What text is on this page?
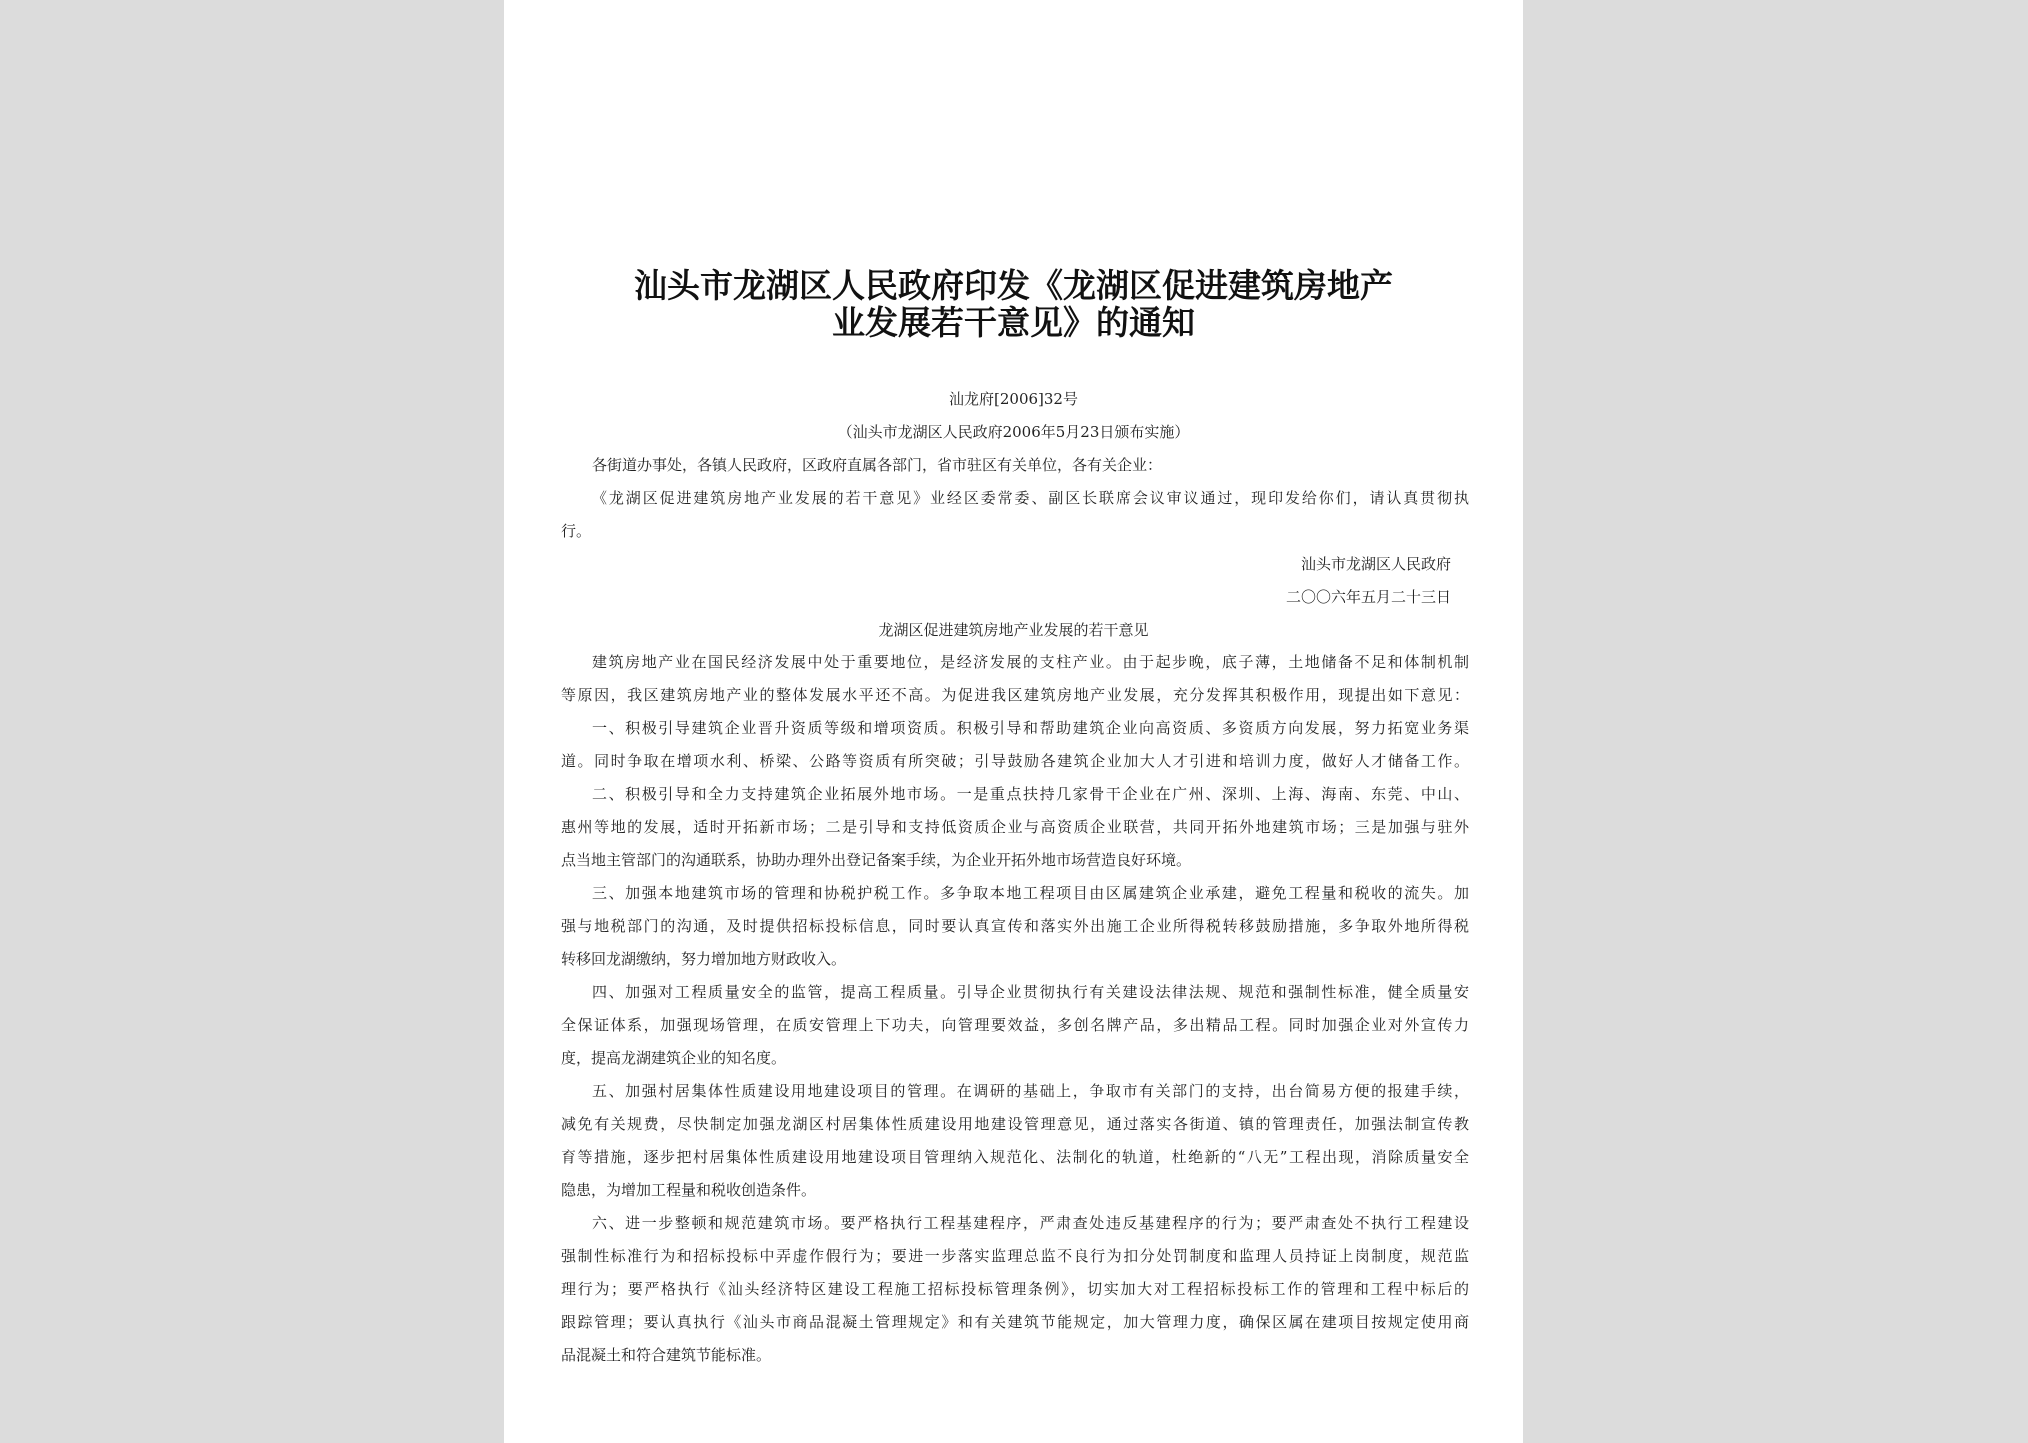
汕头市龙湖区人民政府印发《龙湖区促进建筑房地产
业发展若干意见》的通知

汕龙府[2006]32号

（汕头市龙湖区人民政府2006年5月23日颁布实施）

各街道办事处，各镇人民政府，区政府直属各部门，省市驻区有关单位，各有关企业：

《龙湖区促进建筑房地产业发展的若干意见》业经区委常委、副区长联席会议审议通过，现印发给你们，请认真贯彻执

行。

汕头市龙湖区人民政府

二〇〇六年五月二十三日

龙湖区促进建筑房地产业发展的若干意见

建筑房地产业在国民经济发展中处于重要地位，是经济发展的支柱产业。由于起步晚，底子薄，土地储备不足和体制机制

等原因，我区建筑房地产业的整体发展水平还不高。为促进我区建筑房地产业发展，充分发挥其积极作用，现提出如下意见：

一、积极引导建筑企业晋升资质等级和增项资质。积极引导和帮助建筑企业向高资质、多资质方向发展，努力拓宽业务渠

道。同时争取在增项水利、桥梁、公路等资质有所突破；引导鼓励各建筑企业加大人才引进和培训力度，做好人才储备工作。

二、积极引导和全力支持建筑企业拓展外地市场。一是重点扶持几家骨干企业在广州、深圳、上海、海南、东莞、中山、

惠州等地的发展，适时开拓新市场；二是引导和支持低资质企业与高资质企业联营，共同开拓外地建筑市场；三是加强与驻外

点当地主管部门的沟通联系，协助办理外出登记备案手续，为企业开拓外地市场营造良好环境。

三、加强本地建筑市场的管理和协税护税工作。多争取本地工程项目由区属建筑企业承建，避免工程量和税收的流失。加

强与地税部门的沟通，及时提供招标投标信息，同时要认真宣传和落实外出施工企业所得税转移鼓励措施，多争取外地所得税

转移回龙湖缴纳，努力增加地方财政收入。

四、加强对工程质量安全的监管，提高工程质量。引导企业贯彻执行有关建设法律法规、规范和强制性标准，健全质量安

全保证体系，加强现场管理，在质安管理上下功夫，向管理要效益，多创名牌产品，多出精品工程。同时加强企业对外宣传力

度，提高龙湖建筑企业的知名度。

五、加强村居集体性质建设用地建设项目的管理。在调研的基础上，争取市有关部门的支持，出台简易方便的报建手续，

减免有关规费，尽快制定加强龙湖区村居集体性质建设用地建设管理意见，通过落实各街道、镇的管理责任，加强法制宣传教

育等措施，逐步把村居集体性质建设用地建设项目管理纳入规范化、法制化的轨道，杜绝新的“八无”工程出现，消除质量安全

隐患，为增加工程量和税收创造条件。

六、进一步整顿和规范建筑市场。要严格执行工程基建程序，严肃查处违反基建程序的行为；要严肃查处不执行工程建设

强制性标准行为和招标投标中弄虚作假行为；要进一步落实监理总监不良行为扣分处罚制度和监理人员持证上岗制度，规范监

理行为；要严格执行《汕头经济特区建设工程施工招标投标管理条例》，切实加大对工程招标投标工作的管理和工程中标后的

跟踪管理；要认真执行《汕头市商品混凝土管理规定》和有关建筑节能规定，加大管理力度，确保区属在建项目按规定使用商

品混凝土和符合建筑节能标准。
